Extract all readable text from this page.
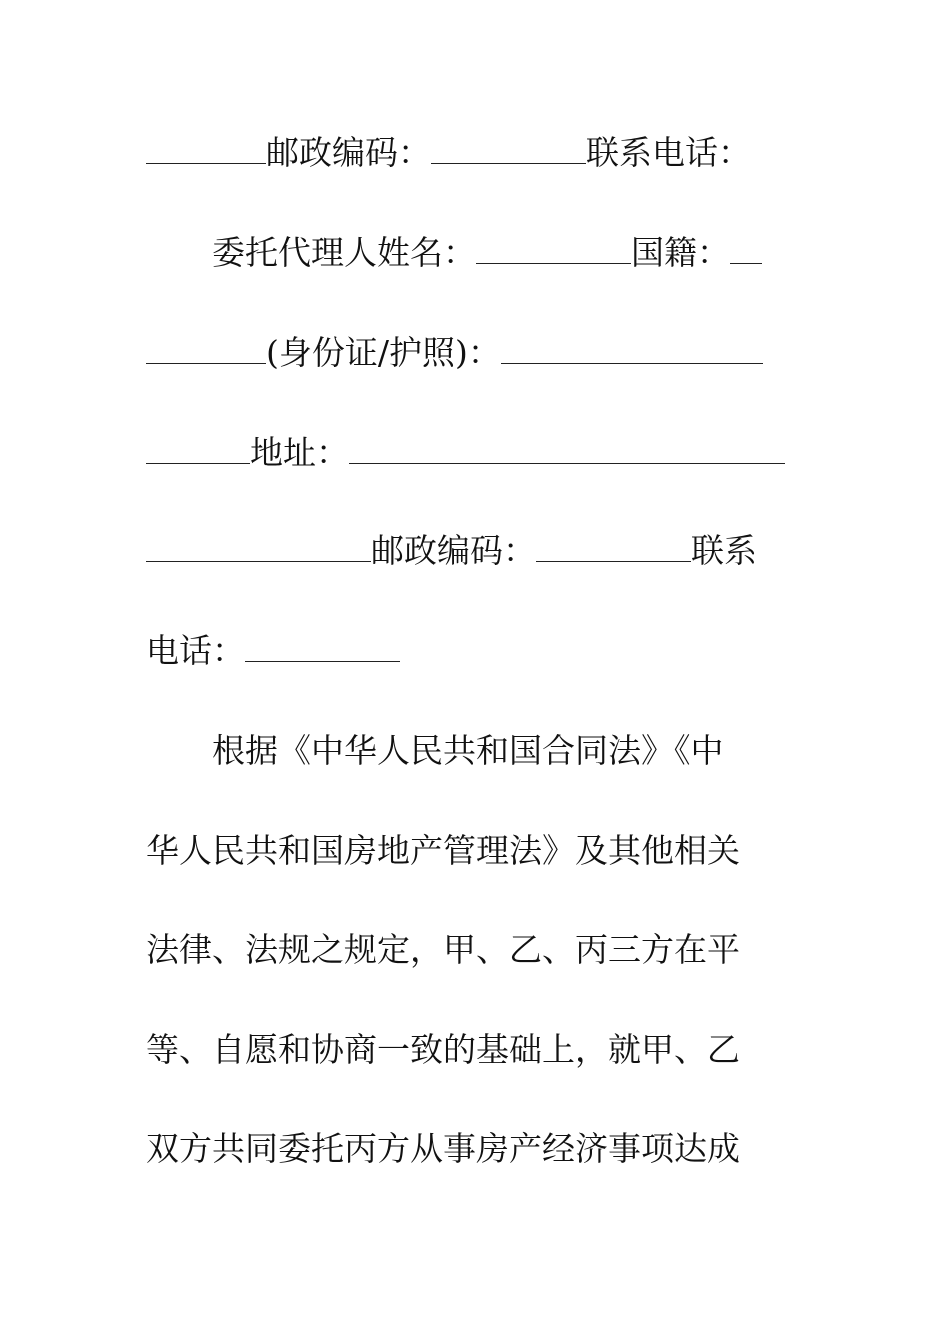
邮政编码：	联系电话：
委托代理人姓名：	国籍：
(身份证/护照)：
地址：
邮政编码：	联系
电话：
根据《中华人民共和国合同法》《中
华人民共和国房地产管理法》及其他相关
法律、法规之规定，甲、乙、丙三方在平
等、自愿和协商一致的基础上，就甲、乙
双方共同委托丙方从事房产经济事项达成
